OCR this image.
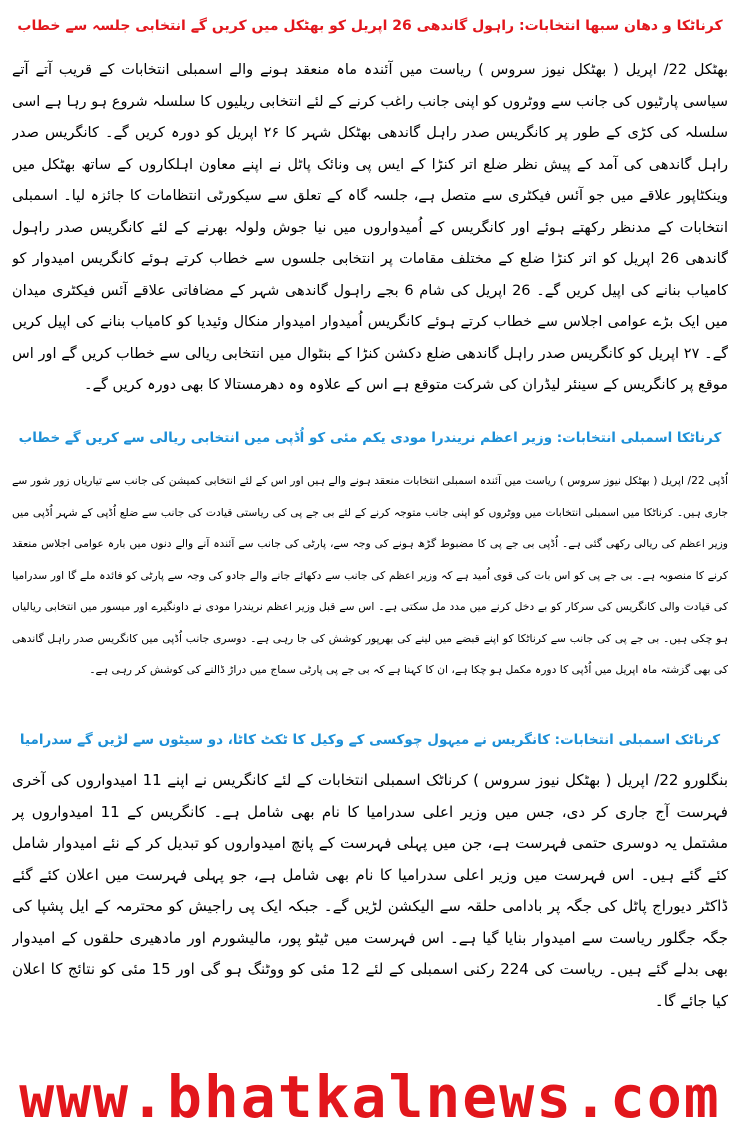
کرناٹکا و دھان سبھا انتخابات: راہول گاندھی 26 اپریل کو بھٹکل میں کریں گے انتخابی جلسہ سے خطاب
بھٹکل 22/ اپریل ( بھٹکل نیوز سروس ) ریاست میں آئندہ ماہ منعقد ہونے والے اسمبلی انتخابات کے قریب آتے آتے سیاسی پارٹیوں کی جانب سے ووٹروں کو اپنی جانب راغب کرنے کے لئے انتخابی ریلیوں کا سلسلہ شروع ہو رہا ہے اسی سلسلہ کی کڑی کے طور پر کانگریس صدر راہل گاندھی بھٹکل شہر کا ۲۶ اپریل کو دورہ کریں گے۔ کانگریس صدر راہل گاندھی کی آمد کے پیش نظر ضلع اتر کنڑا کے ایس پی ونائک پاٹل نے اپنے معاون اہلکاروں کے ساتھ بھٹکل میں وینکٹاپور علاقے میں جو آئس فیکٹری سے متصل ہے، جلسہ گاہ کے تعلق سے سیکورٹی انتظامات کا جائزہ لیا۔ اسمبلی انتخابات کے مدنظر رکھتے ہوئے اور کانگریس کے اُمیدواروں میں نیا جوش ولولہ بھرنے کے لئے کانگریس صدر راہول گاندھی 26 اپریل کو اتر کنڑا ضلع کے مختلف مقامات پر انتخابی جلسوں سے خطاب کرتے ہوئے کانگریس امیدوار کو کامیاب بنانے کی اپیل کریں گے۔ 26 اپریل کی شام 6 بجے راہول گاندھی شہر کے مضافاتی علاقے آئس فیکٹری میدان میں ایک بڑے عوامی اجلاس سے خطاب کرتے ہوئے کانگریس اُمیدوار امیدوار منکال وئیدیا کو کامیاب بنانے کی اپیل کریں گے۔ ۲۷ اپریل کو کانگریس صدر راہل گاندھی ضلع دکشن کنڑا کے بنٹوال میں انتخابی ریالی سے خطاب کریں گے اور اس موقع پر کانگریس کے سینئر لیڈران کی شرکت متوقع ہے اس کے علاوہ وہ دھرمستالا کا بھی دورہ کریں گے۔
کرناٹکا اسمبلی انتخابات: وزیر اعظم نریندرا مودی یکم مئی کو اُڈپی میں انتخابی ریالی سے کریں گے خطاب
اُڈپی 22/ اپریل ( بھٹکل نیوز سروس ) ریاست میں آئندہ اسمبلی انتخابات منعقد ہونے والے ہیں اور اس کے لئے انتخابی کمیشن کی جانب سے تیاریاں زور شور سے جاری ہیں۔ کرناٹکا میں اسمبلی انتخابات میں ووٹروں کو اپنی جانب متوجہ کرنے کے لئے بی جے پی کی ریاستی قیادت کی جانب سے ضلع اُڈپی کے شہر اُڈپی میں وزیر اعظم کی ریالی رکھی گئی ہے۔ اُڈپی بی جے پی کا مضبوط گڑھ ہونے کی وجہ سے، پارٹی کی جانب سے آئندہ آنے والے دنوں میں بارہ عوامی اجلاس منعقد کرنے کا منصوبہ ہے۔ بی جے پی کو اس بات کی قوی اُمید ہے کہ وزیر اعظم کی جانب سے دکھائے جانے والے جادو کی وجہ سے پارٹی کو فائدہ ملے گا اور سدرامیا کی قیادت والی کانگریس کی سرکار کو بے دخل کرنے میں مدد مل سکتی ہے۔ اس سے قبل وزیر اعظم نریندرا مودی نے داونگیرے اور میسور میں انتخابی ریالیاں ہو چکی ہیں۔ بی جے پی کی جانب سے کرناٹکا کو اپنے قبضے میں لینے کی بھرپور کوشش کی جا رہی ہے۔ دوسری جانب اُڈپی میں کانگریس صدر راہل گاندھی کی بھی گزشتہ ماہ اپریل میں اُڈپی کا دورہ مکمل ہو چکا ہے، ان کا کہنا ہے کہ بی جے پی پارٹی سماج میں دراڑ ڈالنے کی کوشش کر رہی ہے۔
کرناٹک اسمبلی انتخابات: کانگریس نے میہول چوکسی کے وکیل کا ٹکٹ کاٹا، دو سیٹوں سے لڑیں گے سدرامیا
بنگلورو 22/ اپریل ( بھٹکل نیوز سروس ) کرناٹک اسمبلی انتخابات کے لئے کانگریس نے اپنے 11 امیدواروں کی آخری فہرست آج جاری کر دی، جس میں وزیر اعلی سدرامیا کا نام بھی شامل ہے۔ کانگریس کے 11 امیدواروں پر مشتمل یہ دوسری حتمی فہرست ہے، جن میں پہلی فہرست کے پانچ امیدواروں کو تبدیل کر کے نئے امیدوار شامل کئے گئے ہیں۔ اس فہرست میں وزیر اعلی سدرامیا کا نام بھی شامل ہے، جو پہلی فہرست میں اعلان کئے گئے ڈاکٹر دیوراج پاٹل کی جگہ پر بادامی حلقہ سے الیکشن لڑیں گے۔ جبکہ ایک پی راجیش کو محترمہ کے ایل پشپا کی جگہ جگلور ریاست سے امیدوار بنایا گیا ہے۔ اس فہرست میں ٹیٹو پور، مالیشورم اور مادھیری حلقوں کے امیدوار بھی بدلے گئے ہیں۔ ریاست کی 224 رکنی اسمبلی کے لئے 12 مئی کو ووٹنگ ہو گی اور 15 مئی کو نتائج کا اعلان کیا جائے گا۔
www.bhatkalnews.com
